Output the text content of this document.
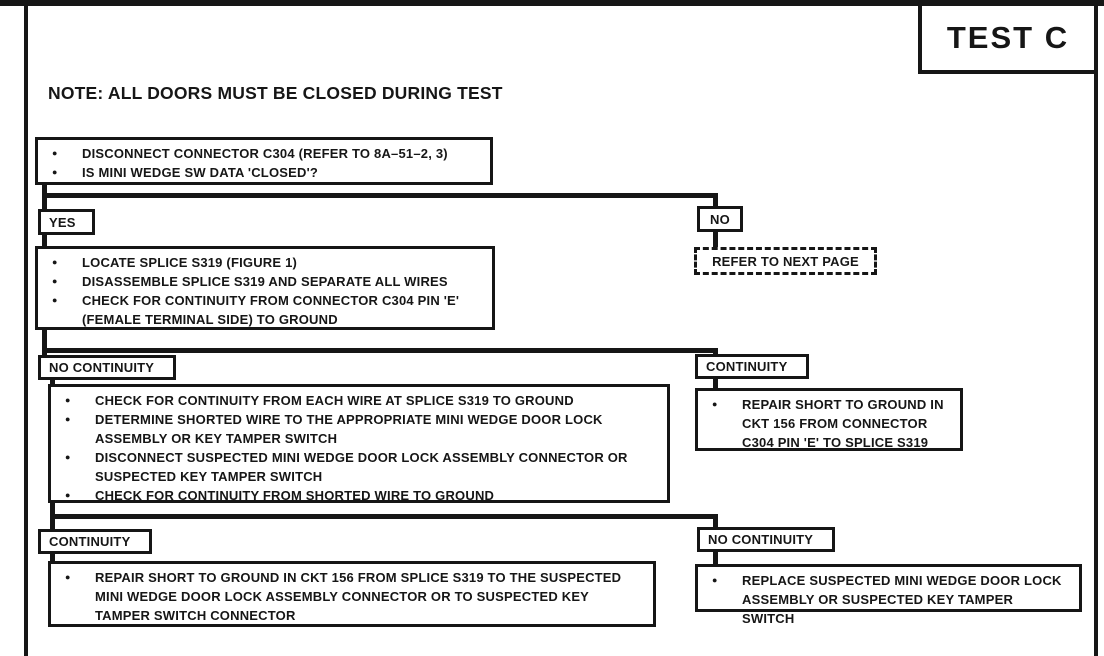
TEST C
NOTE: ALL DOORS MUST BE CLOSED DURING TEST
●	DISCONNECT CONNECTOR C304 (REFER TO 8A–51–2, 3)
●	IS MINI WEDGE SW DATA 'CLOSED'?
YES	NO
REFER TO NEXT PAGE
●	LOCATE SPLICE S319 (FIGURE 1)
●	DISASSEMBLE SPLICE S319 AND SEPARATE ALL WIRES
●	CHECK FOR CONTINUITY FROM CONNECTOR C304 PIN 'E' (FEMALE TERMINAL SIDE) TO GROUND
NO CONTINUITY	CONTINUITY
●	CHECK FOR CONTINUITY FROM EACH WIRE AT SPLICE S319 TO GROUND
●	DETERMINE SHORTED WIRE TO THE APPROPRIATE MINI WEDGE DOOR LOCK ASSEMBLY OR KEY TAMPER SWITCH
●	DISCONNECT SUSPECTED MINI WEDGE DOOR LOCK ASSEMBLY CONNECTOR OR SUSPECTED KEY TAMPER SWITCH
●	CHECK FOR CONTINUITY FROM SHORTED WIRE TO GROUND
●	REPAIR SHORT TO GROUND IN CKT 156 FROM CONNECTOR C304 PIN 'E' TO SPLICE S319
CONTINUITY	NO CONTINUITY
●	REPAIR SHORT TO GROUND IN CKT 156 FROM SPLICE S319 TO THE SUSPECTED MINI WEDGE DOOR LOCK ASSEMBLY CONNECTOR OR TO SUSPECTED KEY TAMPER SWITCH CONNECTOR
●	REPLACE SUSPECTED MINI WEDGE DOOR LOCK ASSEMBLY OR SUSPECTED KEY TAMPER SWITCH
